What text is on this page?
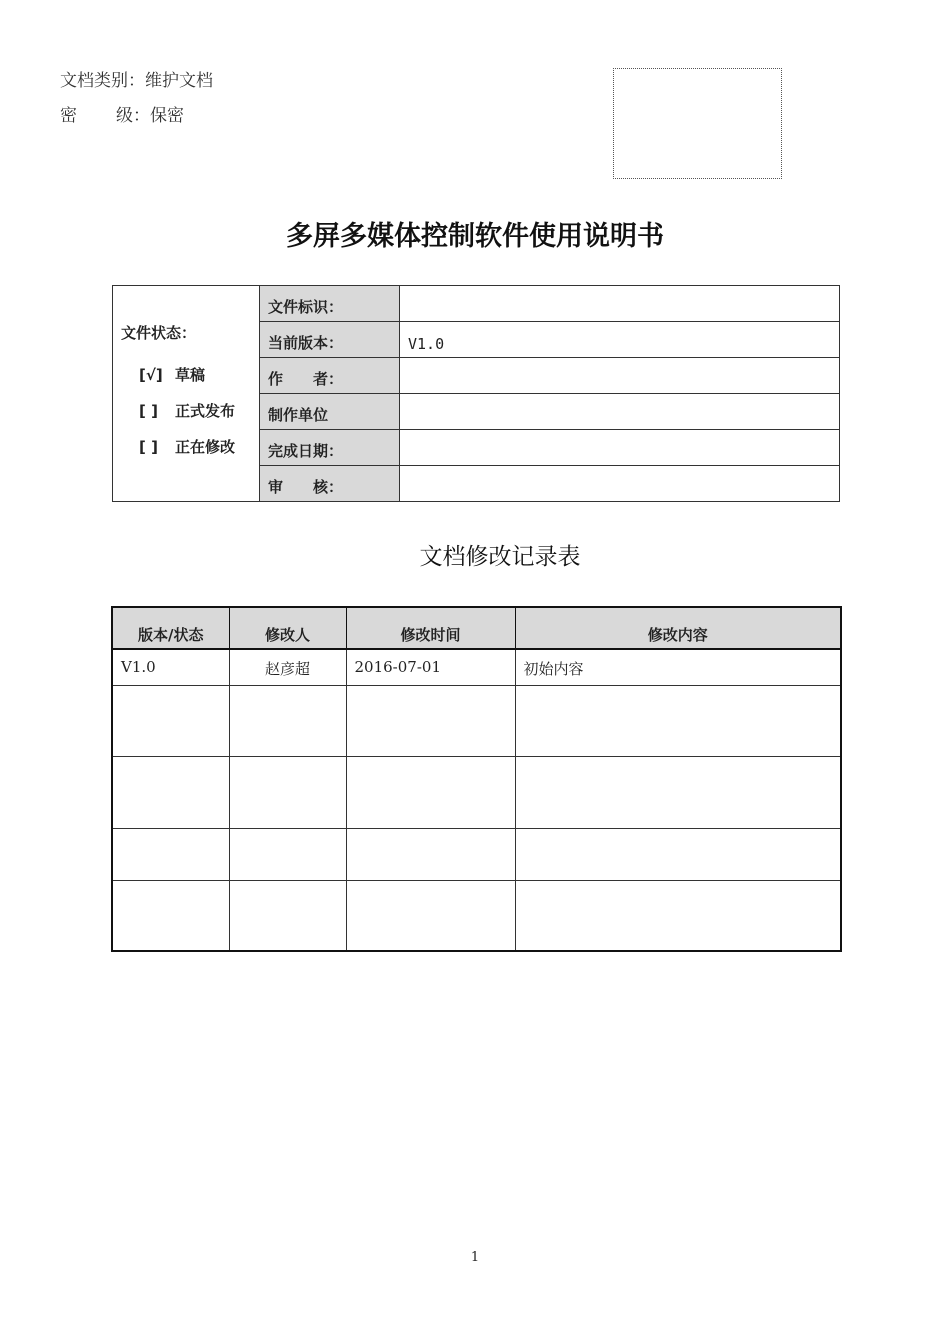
文档类别：维护文档
密 级：保密
多屏多媒体控制软件使用说明书
文件状态：
[√] 草稿
[ ] 正式发布
[ ] 正在修改	文件标识：	
	当前版本：	V1.0
	作　　者：	
	制作单位	
	完成日期：	
	审　　核：	
文档修改记录表
版本/状态	修改人	修改时间	修改内容
V1.0	赵彦超	2016-07-01	初始内容

1
